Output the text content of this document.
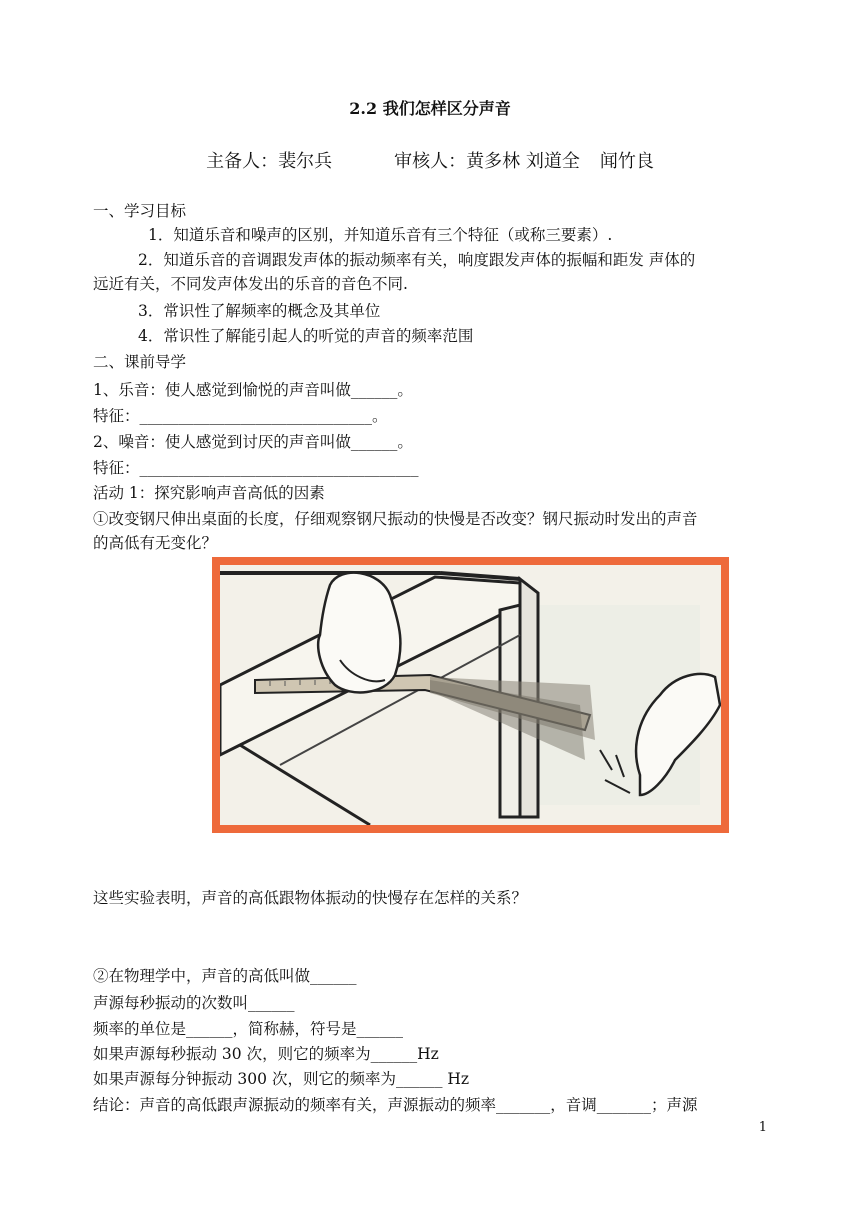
2.2 我们怎样区分声音
主备人：裴尔兵	审核人：黄多林 刘道全 闻竹良
一、学习目标
1．知道乐音和噪声的区别，并知道乐音有三个特征（或称三要素）.
2．知道乐音的音调跟发声体的振动频率有关，响度跟发声体的振幅和距发 声体的
远近有关，不同发声体发出的乐音的音色不同.
3．常识性了解频率的概念及其单位
4．常识性了解能引起人的听觉的声音的频率范围
二、课前导学
1、乐音：使人感觉到愉悦的声音叫做______。
特征：______________________________。
2、噪音：使人感觉到讨厌的声音叫做______。
特征：____________________________________
活动 1：探究影响声音高低的因素
①改变钢尺伸出桌面的长度，仔细观察钢尺振动的快慢是否改变？钢尺振动时发出的声音
的高低有无变化？
这些实验表明，声音的高低跟物体振动的快慢存在怎样的关系？
②在物理学中，声音的高低叫做______
声源每秒振动的次数叫______
频率的单位是______，简称赫，符号是______
如果声源每秒振动 30 次，则它的频率为______Hz
如果声源每分钟振动 300 次，则它的频率为______ Hz
结论：声音的高低跟声源振动的频率有关，声源振动的频率_______，音调_______；声源
1
